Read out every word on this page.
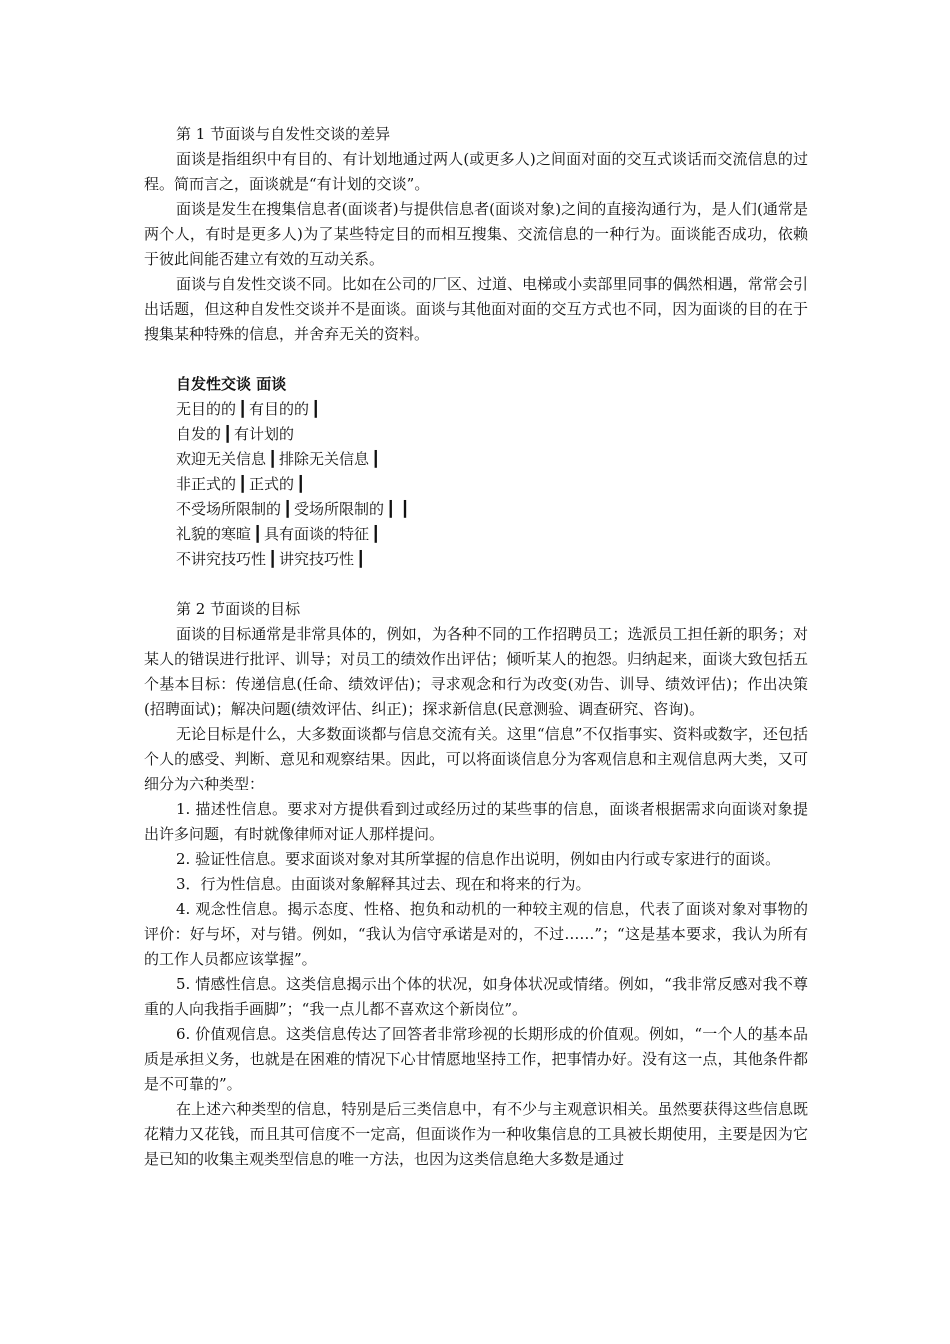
第 1 节面谈与自发性交谈的差异

面谈是指组织中有目的、有计划地通过两人(或更多人)之间面对面的交互式谈话而交流信息的过程。简而言之，面谈就是“有计划的交谈”。

面谈是发生在搜集信息者(面谈者)与提供信息者(面谈对象)之间的直接沟通行为，是人们(通常是两个人，有时是更多人)为了某些特定目的而相互搜集、交流信息的一种行为。面谈能否成功，依赖于彼此间能否建立有效的互动关系。

面谈与自发性交谈不同。比如在公司的厂区、过道、电梯或小卖部里同事的偶然相遇，常常会引出话题，但这种自发性交谈并不是面谈。面谈与其他面对面的交互方式也不同，因为面谈的目的在于搜集某种特殊的信息，并舍弃无关的资料。

自发性交谈 面谈

无目的的 ┃ 有目的的 ┃

自发的 ┃ 有计划的

欢迎无关信息 ┃ 排除无关信息 ┃

非正式的 ┃ 正式的 ┃

不受场所限制的 ┃ 受场所限制的 ┃ ┃

礼貌的寒暄 ┃ 具有面谈的特征 ┃

不讲究技巧性 ┃ 讲究技巧性 ┃

第 2 节面谈的目标

面谈的目标通常是非常具体的，例如，为各种不同的工作招聘员工；选派员工担任新的职务；对某人的错误进行批评、训导；对员工的绩效作出评估；倾听某人的抱怨。归纳起来，面谈大致包括五个基本目标：传递信息(任命、绩效评估)；寻求观念和行为改变(劝告、训导、绩效评估)；作出决策(招聘面试)；解决问题(绩效评估、纠正)；探求新信息(民意测验、调查研究、咨询)。

无论目标是什么，大多数面谈都与信息交流有关。这里“信息”不仅指事实、资料或数字，还包括个人的感受、判断、意见和观察结果。因此，可以将面谈信息分为客观信息和主观信息两大类，又可细分为六种类型：

1. 描述性信息。要求对方提供看到过或经历过的某些事的信息，面谈者根据需求向面谈对象提出许多问题，有时就像律师对证人那样提问。

2. 验证性信息。要求面谈对象对其所掌握的信息作出说明，例如由内行或专家进行的面谈。

3．行为性信息。由面谈对象解释其过去、现在和将来的行为。

4. 观念性信息。揭示态度、性格、抱负和动机的一种较主观的信息，代表了面谈对象对事物的评价：好与坏，对与错。例如，“我认为信守承诺是对的，不过……”；“这是基本要求，我认为所有的工作人员都应该掌握”。

5. 情感性信息。这类信息揭示出个体的状况，如身体状况或情绪。例如，“我非常反感对我不尊重的人向我指手画脚”；“我一点儿都不喜欢这个新岗位”。

6. 价值观信息。这类信息传达了回答者非常珍视的长期形成的价值观。例如，“一个人的基本品质是承担义务，也就是在困难的情况下心甘情愿地坚持工作，把事情办好。没有这一点，其他条件都是不可靠的”。

在上述六种类型的信息，特别是后三类信息中，有不少与主观意识相关。虽然要获得这些信息既花精力又花钱，而且其可信度不一定高，但面谈作为一种收集信息的工具被长期使用，主要是因为它是已知的收集主观类型信息的唯一方法，也因为这类信息绝大多数是通过
